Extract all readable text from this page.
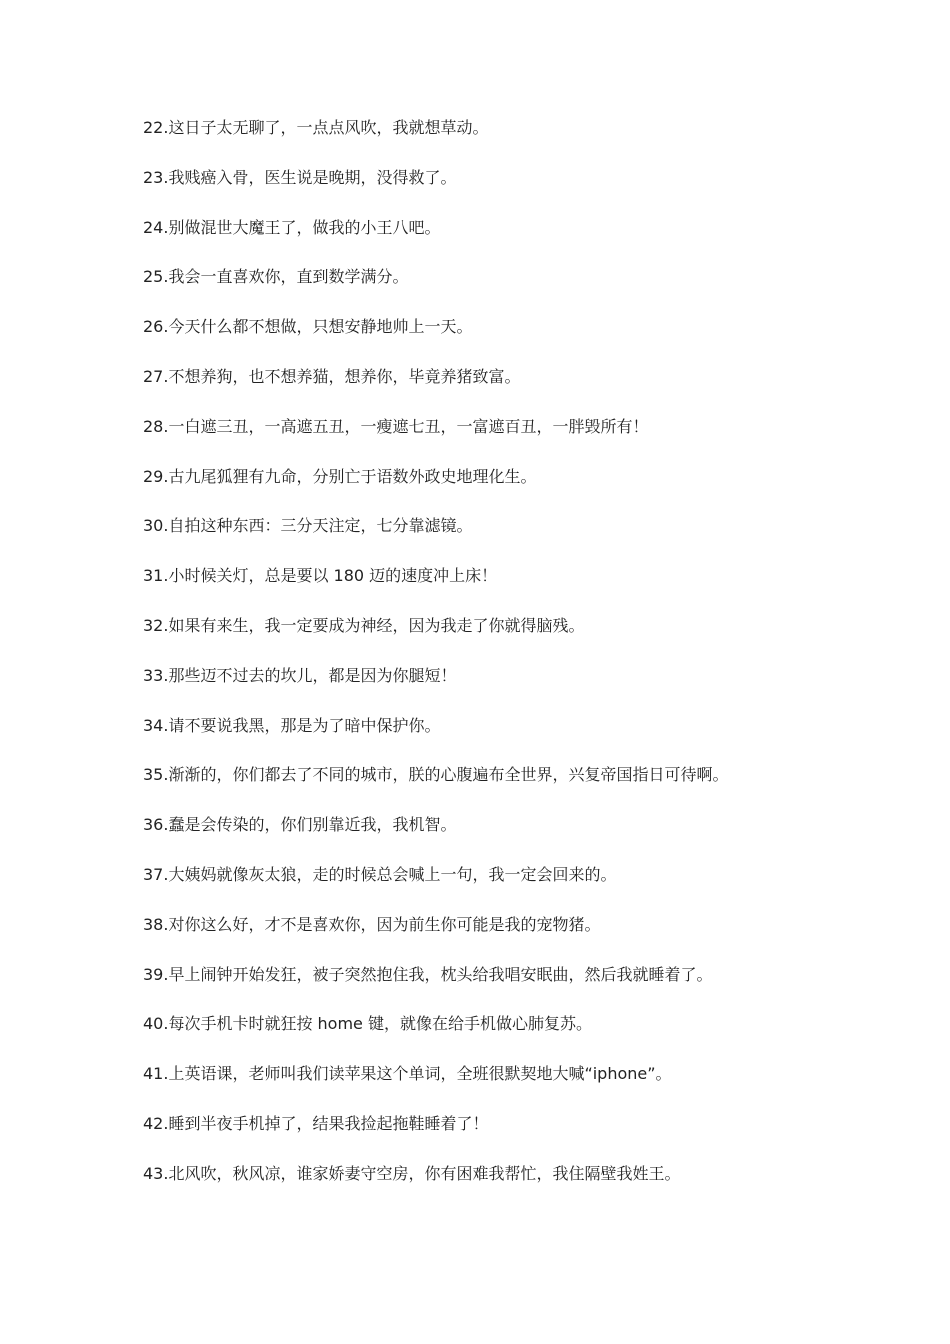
22.这日子太无聊了，一点点风吹，我就想草动。
23.我贱癌入骨，医生说是晚期，没得救了。
24.别做混世大魔王了，做我的小王八吧。
25.我会一直喜欢你，直到数学满分。
26.今天什么都不想做，只想安静地帅上一天。
27.不想养狗，也不想养猫，想养你，毕竟养猪致富。
28.一白遮三丑，一高遮五丑，一瘦遮七丑，一富遮百丑，一胖毁所有！
29.古九尾狐狸有九命，分别亡于语数外政史地理化生。
30.自拍这种东西：三分天注定，七分靠滤镜。
31.小时候关灯，总是要以 180 迈的速度冲上床！
32.如果有来生，我一定要成为神经，因为我走了你就得脑残。
33.那些迈不过去的坎儿，都是因为你腿短！
34.请不要说我黑，那是为了暗中保护你。
35.渐渐的，你们都去了不同的城市，朕的心腹遍布全世界，兴复帝国指日可待啊。
36.蠢是会传染的，你们别靠近我，我机智。
37.大姨妈就像灰太狼，走的时候总会喊上一句，我一定会回来的。
38.对你这么好，才不是喜欢你，因为前生你可能是我的宠物猪。
39.早上闹钟开始发狂，被子突然抱住我，枕头给我唱安眠曲，然后我就睡着了。
40.每次手机卡时就狂按 home 键，就像在给手机做心肺复苏。
41.上英语课，老师叫我们读苹果这个单词，全班很默契地大喊“iphone”。
42.睡到半夜手机掉了，结果我捡起拖鞋睡着了！
43.北风吹，秋风凉，谁家娇妻守空房，你有困难我帮忙，我住隔壁我姓王。
